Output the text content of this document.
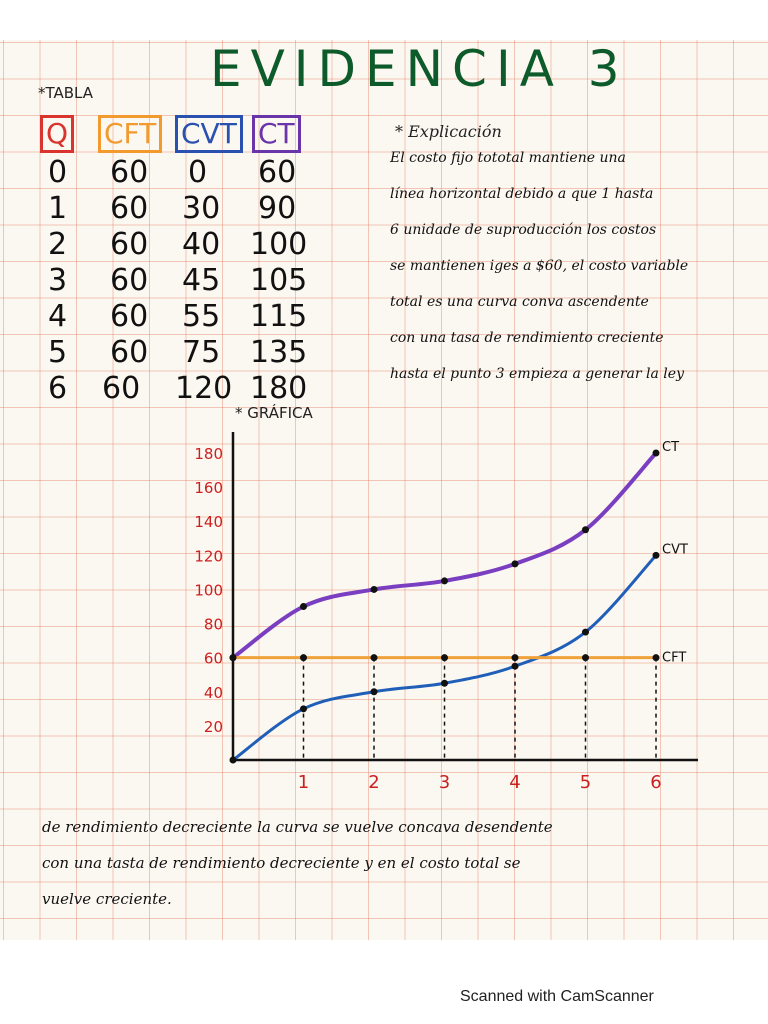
EVIDENCIA 3
*TABLA
Q CFT CVT CT
0 60 0 60
1 60 30 90
2 60 40 100
3 60 45 105
4 60 55 115
5 60 75 135
6 60 120 180
* Explicación
El costo fijo tototal mantiene una
línea horizontal debido a que 1 hasta
6 unidade de suproducción los costos
se mantienen iges a $60, el costo variable
total es una curva conva ascendente
con una tasa de rendimiento creciente
hasta el punto 3 empieza a generar la ley
* GRÁFICA
20
40
60
80
100
120
140
160
180
1	2	3	4	5	6
CT
CVT
CFT
de rendimiento decreciente la curva se vuelve concava desendente
con una tasta de rendimiento decreciente y en el costo total se
vuelve creciente.
Scanned with CamScanner
